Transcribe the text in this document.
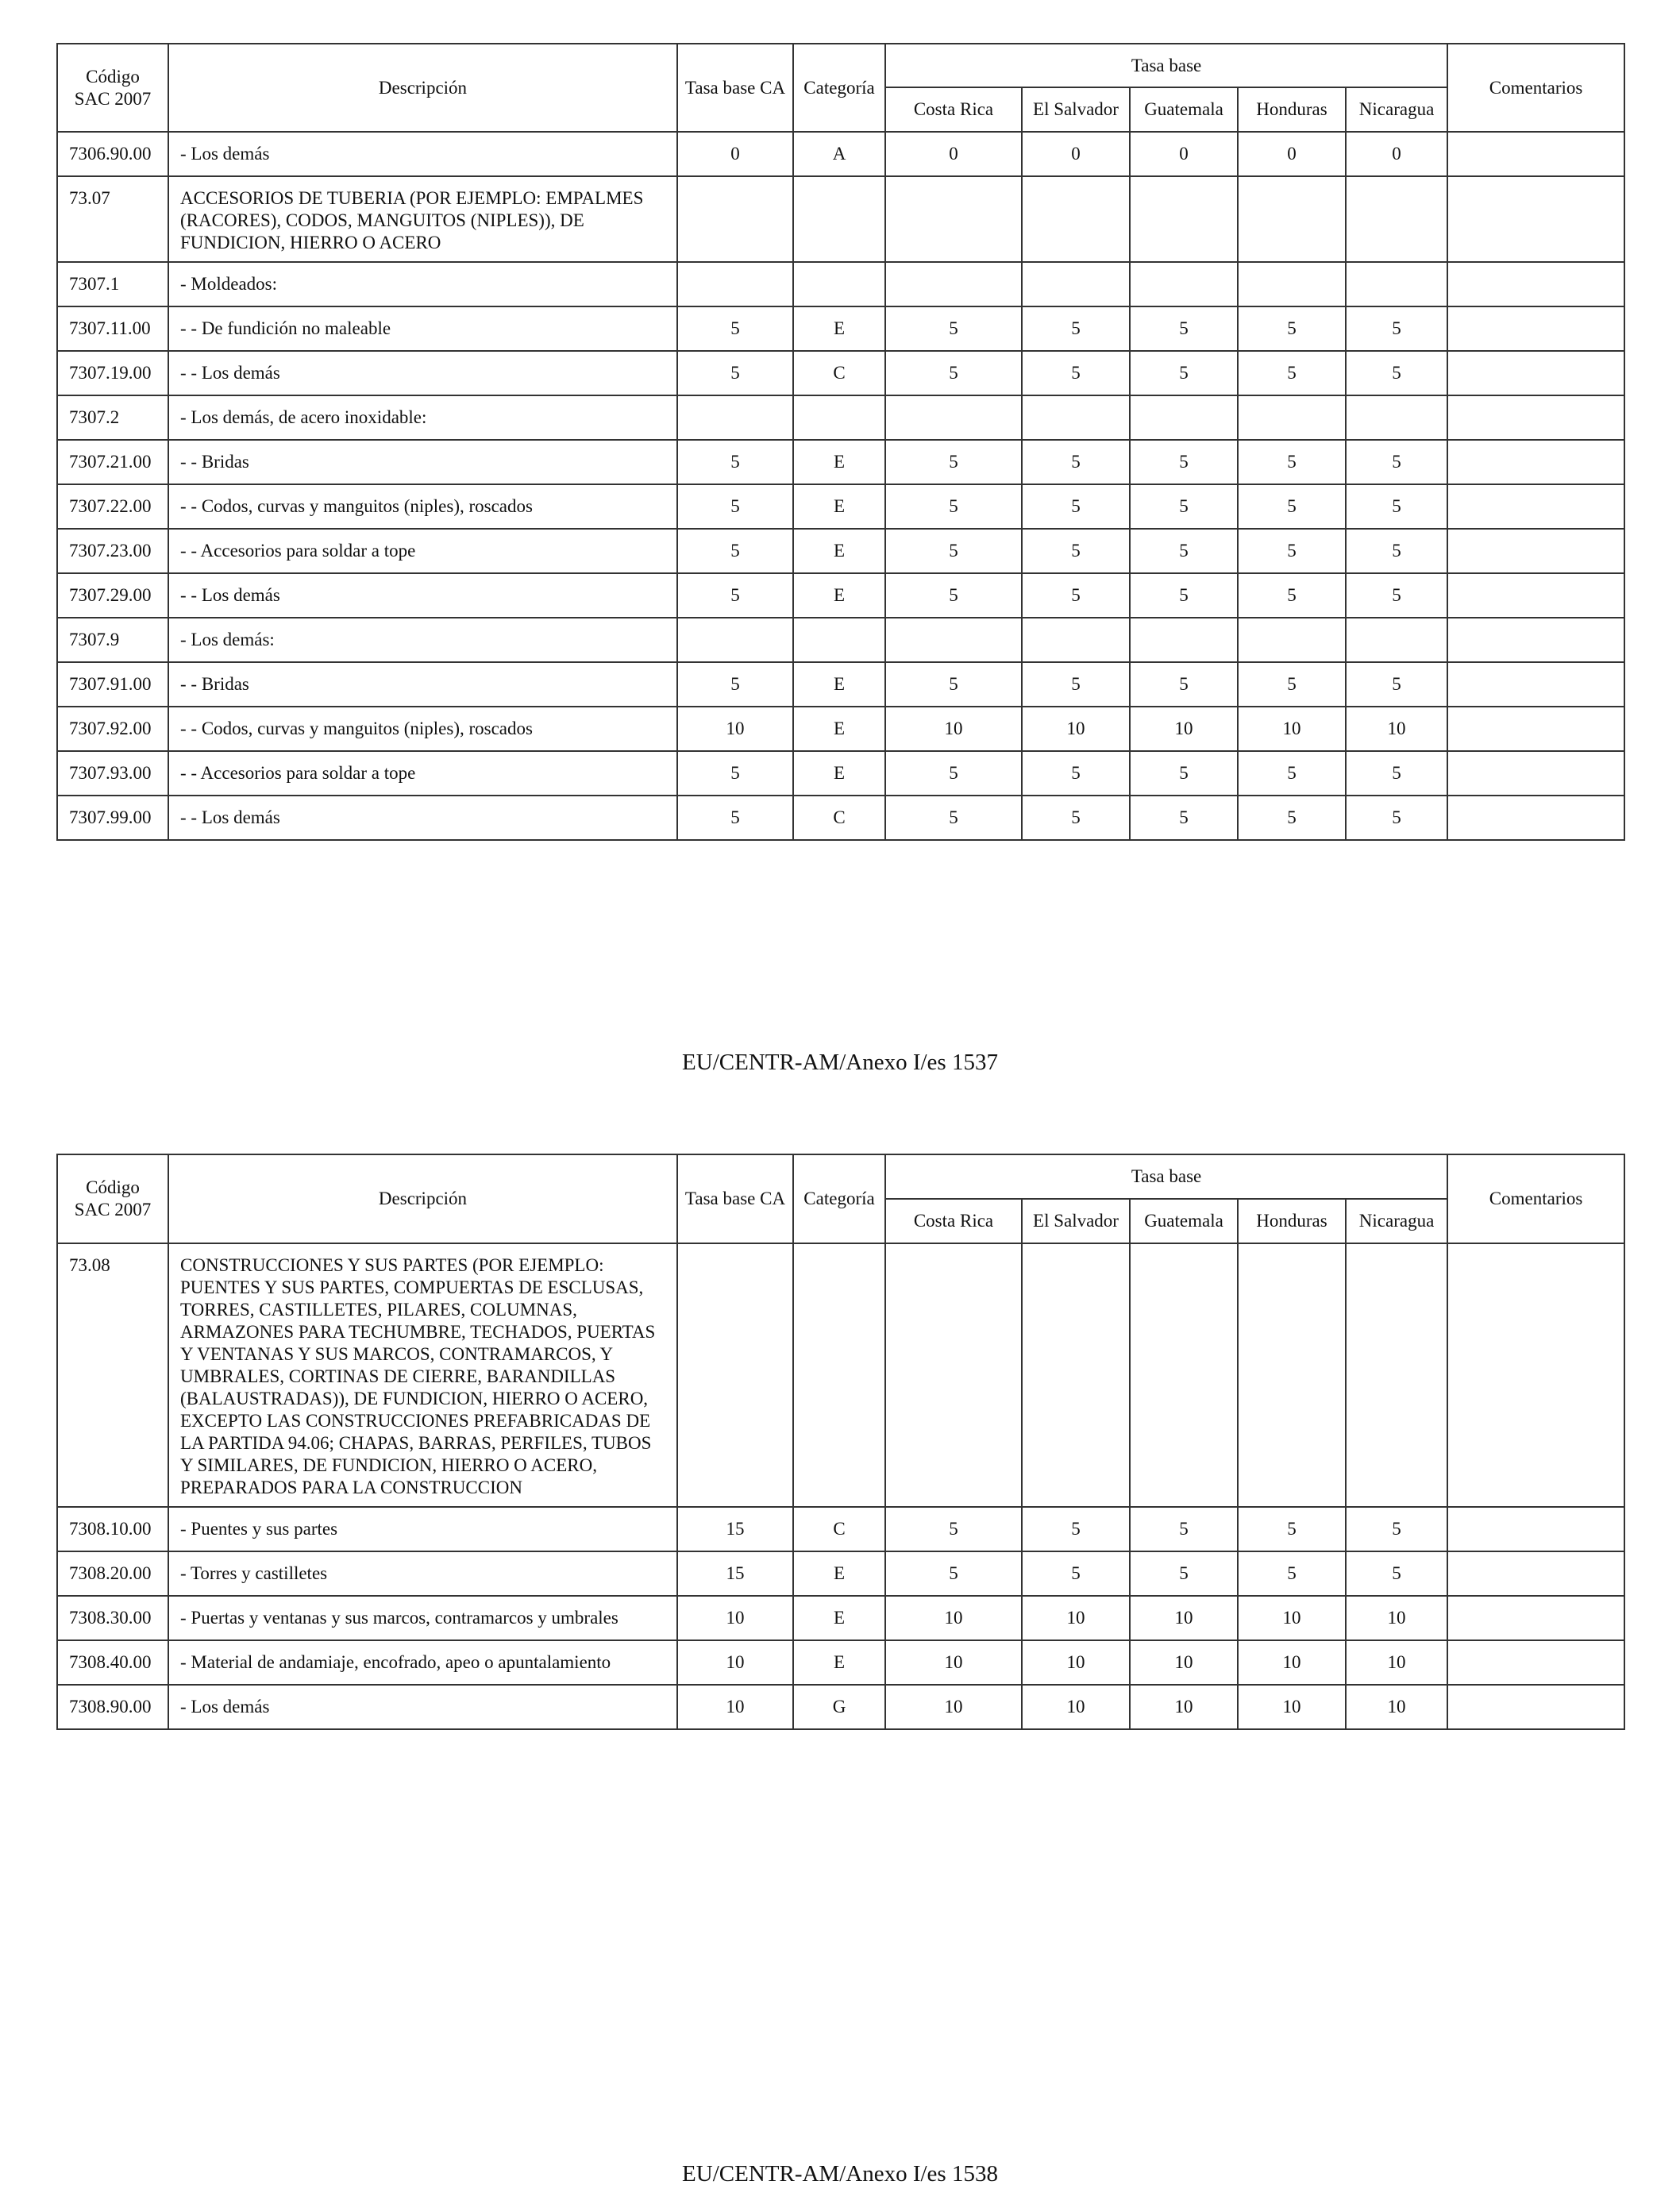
Código SAC 2007	Descripción	Tasa base CA	Categoría	Tasa base					Comentarios
				Costa Rica	El Salvador	Guatemala	Honduras	Nicaragua	
7306.90.00	- Los demás	0	A	0	0	0	0	0	
73.07	ACCESORIOS DE TUBERIA (POR EJEMPLO: EMPALMES (RACORES), CODOS, MANGUITOS (NIPLES)), DE FUNDICION, HIERRO O ACERO								
7307.1	- Moldeados:								
7307.11.00	- - De fundición no maleable	5	E	5	5	5	5	5	
7307.19.00	- - Los demás	5	C	5	5	5	5	5	
7307.2	- Los demás, de acero inoxidable:								
7307.21.00	- - Bridas	5	E	5	5	5	5	5	
7307.22.00	- - Codos, curvas y manguitos (niples), roscados	5	E	5	5	5	5	5	
7307.23.00	- - Accesorios para soldar a tope	5	E	5	5	5	5	5	
7307.29.00	- - Los demás	5	E	5	5	5	5	5	
7307.9	- Los demás:								
7307.91.00	- - Bridas	5	E	5	5	5	5	5	
7307.92.00	- - Codos, curvas y manguitos (niples), roscados	10	E	10	10	10	10	10	
7307.93.00	- - Accesorios para soldar a tope	5	E	5	5	5	5	5	
7307.99.00	- - Los demás	5	C	5	5	5	5	5	
EU/CENTR-AM/Anexo I/es 1537
Código SAC 2007	Descripción	Tasa base CA	Categoría	Tasa base					Comentarios
				Costa Rica	El Salvador	Guatemala	Honduras	Nicaragua	
73.08	CONSTRUCCIONES Y SUS PARTES (POR EJEMPLO: PUENTES Y SUS PARTES, COMPUERTAS DE ESCLUSAS, TORRES, CASTILLETES, PILARES, COLUMNAS, ARMAZONES PARA TECHUMBRE, TECHADOS, PUERTAS Y VENTANAS Y SUS MARCOS, CONTRAMARCOS, Y UMBRALES, CORTINAS DE CIERRE, BARANDILLAS (BALAUSTRADAS)), DE FUNDICION, HIERRO O ACERO, EXCEPTO LAS CONSTRUCCIONES PREFABRICADAS DE LA PARTIDA 94.06; CHAPAS, BARRAS, PERFILES, TUBOS Y SIMILARES, DE FUNDICION, HIERRO O ACERO, PREPARADOS PARA LA CONSTRUCCION								
7308.10.00	- Puentes y sus partes	15	C	5	5	5	5	5	
7308.20.00	- Torres y castilletes	15	E	5	5	5	5	5	
7308.30.00	- Puertas y ventanas y sus marcos, contramarcos y umbrales	10	E	10	10	10	10	10	
7308.40.00	- Material de andamiaje, encofrado, apeo o apuntalamiento	10	E	10	10	10	10	10	
7308.90.00	- Los demás	10	G	10	10	10	10	10	
EU/CENTR-AM/Anexo I/es 1538
